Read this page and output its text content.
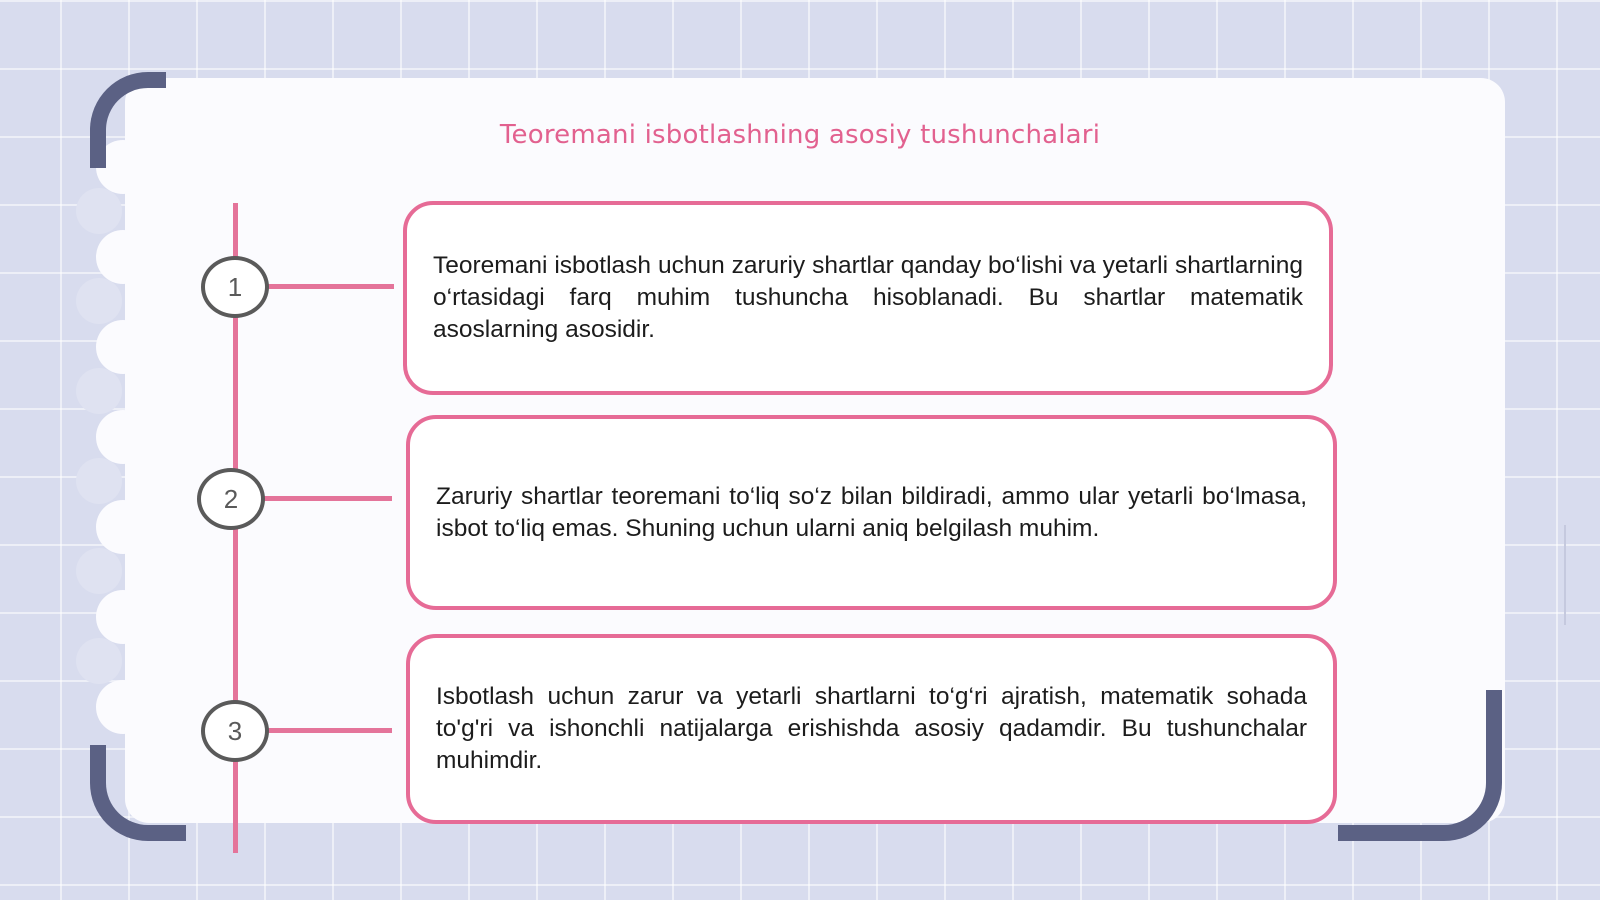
Teoremani isbotlashning asosiy tushunchalari
1

Teoremani isbotlash uchun zaruriy shartlar qanday bo‘lishi va yetarli shartlarning o‘rtasidagi farq muhim tushuncha hisoblanadi. Bu shartlar matematik asoslarning asosidir.

2	Zaruriy shartlar teoremani to‘liq so‘z bilan bildiradi, ammo ular yetarli bo‘lmasa, isbot to‘liq emas. Shuning uchun ularni aniq belgilash muhim.

3

Isbotlash uchun zarur va yetarli shartlarni to‘g‘ri ajratish, matematik sohada to'g'ri va ishonchli natijalarga erishishda asosiy qadamdir. Bu tushunchalar muhimdir.
